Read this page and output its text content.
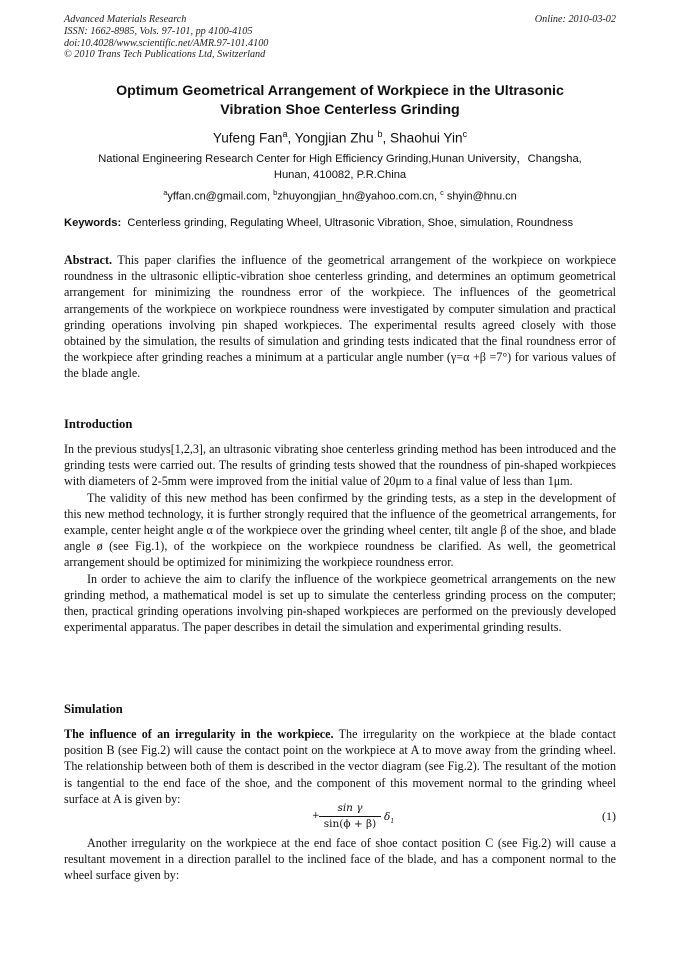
Advanced Materials Research
ISSN: 1662-8985, Vols. 97-101, pp 4100-4105
doi:10.4028/www.scientific.net/AMR.97-101.4100
© 2010 Trans Tech Publications Ltd, Switzerland
Online: 2010-03-02
Optimum Geometrical Arrangement of Workpiece in the Ultrasonic
Vibration Shoe Centerless Grinding
Yufeng Fan$^a$, Yongjian Zhu $^b$, Shaohui Yin$^c$
National Engineering Research Center for High Efficiency Grinding,Hunan University，Changsha,
Hunan, 410082, P.R.China
$^a$yffan.cn@gmail.com, $^b$zhuyongjian_hn@yahoo.com.cn, $^c$ shyin@hnu.cn
Keywords: Centerless grinding, Regulating Wheel, Ultrasonic Vibration, Shoe, simulation, Roundness

Abstract. This paper clarifies the influence of the geometrical arrangement of the workpiece on workpiece roundness in the ultrasonic elliptic-vibration shoe centerless grinding, and determines an optimum geometrical arrangement for minimizing the roundness error of the workpiece. The influences of the geometrical arrangements of the workpiece on workpiece roundness were investigated by computer simulation and practical grinding operations involving pin shaped workpieces. The experimental results agreed closely with those obtained by the simulation, the results of simulation and grinding tests indicated that the final roundness error of the workpiece after grinding reaches a minimum at a particular angle number (γ=α +β =7°) for various values of the blade angle.

Introduction

In the previous studys[1,2,3], an ultrasonic vibrating shoe centerless grinding method has been introduced and the grinding tests were carried out. The results of grinding tests showed that the roundness of pin-shaped workpieces with diameters of 2-5mm were improved from the initial value of 20μm to a final value of less than 1μm.

The validity of this new method has been confirmed by the grinding tests, as a step in the development of this new method technology, it is further strongly required that the influence of the geometrical arrangements, for example, center height angle α of the workpiece over the grinding wheel center, tilt angle β of the shoe, and blade angle ø (see Fig.1), of the workpiece on the workpiece roundness be clarified. As well, the geometrical arrangement should be optimized for minimizing the workpiece roundness error.

In order to achieve the aim to clarify the influence of the workpiece geometrical arrangements on the new grinding method, a mathematical model is set up to simulate the centerless grinding process on the computer; then, practical grinding operations involving pin-shaped workpieces are performed on the previously developed experimental apparatus. The paper describes in detail the simulation and experimental grinding results.

Simulation

The influence of an irregularity in the workpiece. The irregularity on the workpiece at the blade contact position B (see Fig.2) will cause the contact point on the workpiece at A to move away from the grinding wheel. The relationship between both of them is described in the vector diagram (see Fig.2). The resultant of the motion is tangential to the end face of the shoe, and the component of this movement normal to the grinding wheel surface at A is given by:

+
sin γ
sin(ϕ + β)
$\delta_1$	(1)

Another irregularity on the workpiece at the end face of shoe contact position C (see Fig.2) will cause a resultant movement in a direction parallel to the inclined face of the blade, and has a component normal to the wheel surface given by:
